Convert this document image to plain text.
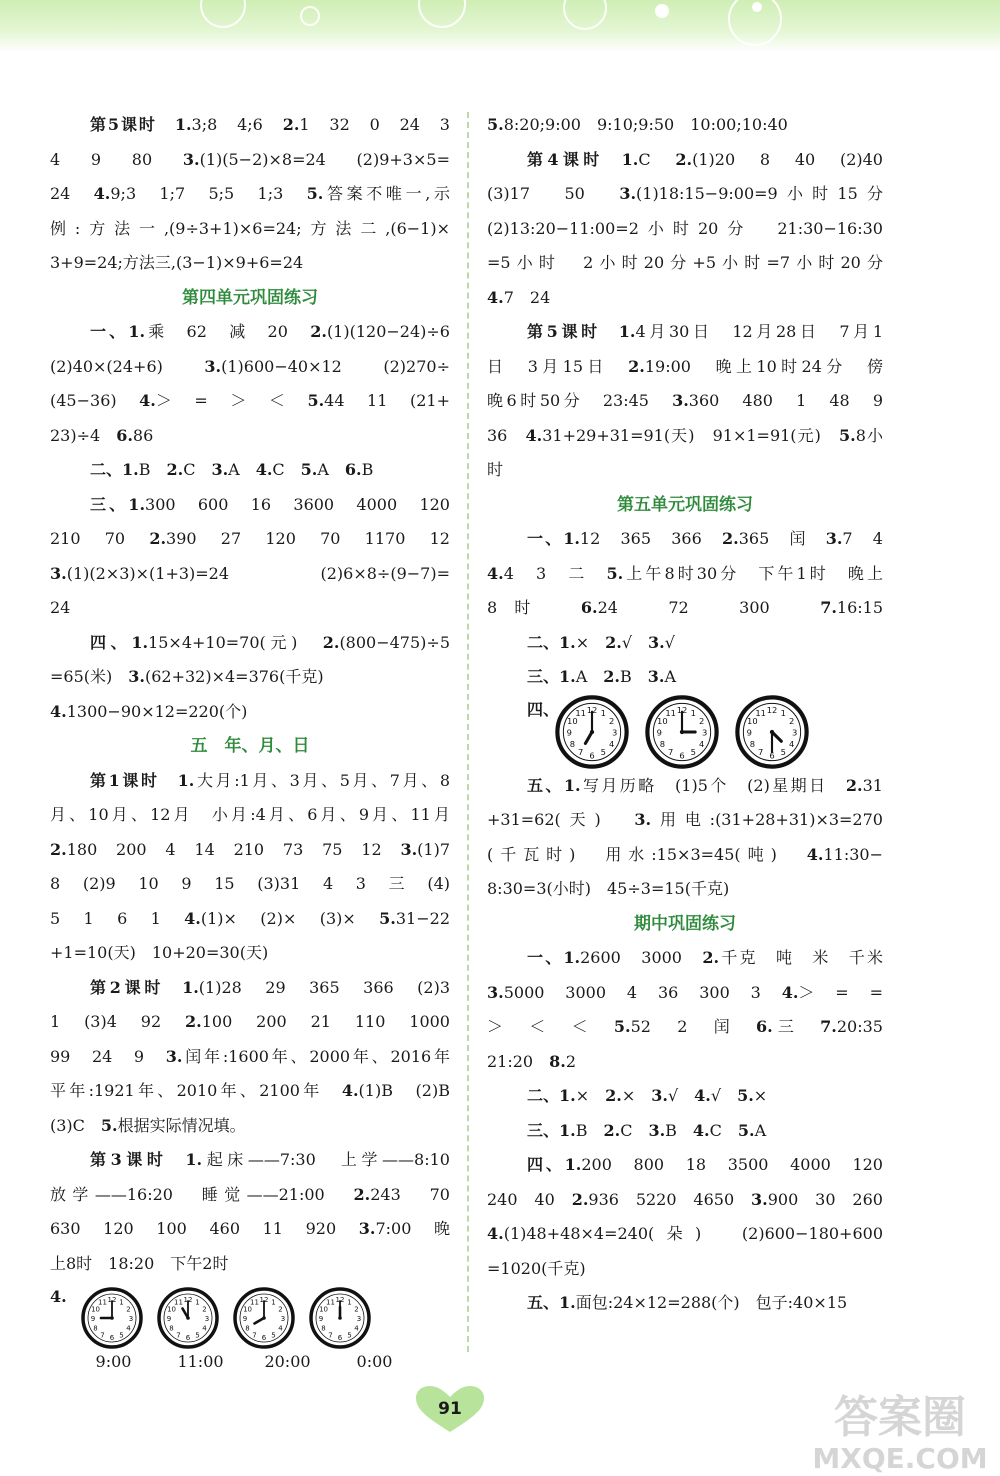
第5课时 1.3;8　4;6　2.1　32　0　24　3
4　9　80　3.(1)(5−2)×8=24　(2)9+3×5=
24　4.9;3　1;7　5;5　1;3　5.答案不唯一,示
例:方法一,(9÷3+1)×6=24;方法二,(6−1)×
3+9=24;方法三,(3−1)×9+6=24
第四单元巩固练习
一、1.乘　62　减　20　2.(1)(120−24)÷6
(2)40×(24+6)　3.(1)600−40×12　(2)270÷
(45−36)　4.＞　=　＞　＜　5.44　11　(21+
23)÷4　6.86
二、1.B　2.C　3.A　4.C　5.A　6.B
三、1.300　600　16　3600　4000　120
210　70　2.390　27　120　70　1170　12
3.(1)(2×3)×(1+3)=24　(2)6×8÷(9−7)=
24
四、1.15×4+10=70(元)　2.(800−475)÷5
=65(米)　3.(62+32)×4=376(千克)
4.1300−90×12=220(个)
五　年、月、日
第1课时 1.大月:1月、3月、5月、7月、8
月、10月、12月　小月:4月、6月、9月、11月
2.180　200　4　14　210　73　75　12　3.(1)7
8　(2)9　10　9　15　(3)31　4　3　三　(4)
5　1　6　1　4.(1)×　(2)×　(3)×　5.31−22
+1=10(天)　10+20=30(天)
第2课时 1.(1)28　29　365　366　(2)3
1　(3)4　92　2.100　200　21　110　1000
99　24　9　3.闰年:1600年、2000年、2016年
平年:1921年、2010年、2100年　4.(1)B　(2)B
(3)C　5.根据实际情况填。
第3课时 1.起床——7:30　上学——8:10
放学——16:20　睡觉——21:00　2.243　70
630　120　100　460　11　920　3.7:00　晚
上8时　18:20　下午2时
4.	1
2
3
4
5
6
7
8
9
10
11 12	1
2
3
4
5
6
7
8
9
10
11 12	1
2
3
4
5
6
7
8
9
10
11 12	1
2
3
4
5
6
7
8
9
10
11 12
9:00	11:00	20:00	0:00
5.8:20;9:00　9:10;9:50　10:00;10:40
第4课时 1.C　2.(1)20　8　40　(2)40
(3)17　50　3.(1)18:15−9:00=9小时15分
(2)13:20−11:00=2小时20分　21:30−16:30
=5小时　2小时20分+5小时=7小时20分
4.7　24
第5课时 1.4月30日　12月28日　7月1
日　3月15日　2.19:00　晚上10时24分　傍
晚6时50分　23:45　3.360　480　1　48　9
36　4.31+29+31=91(天)　91×1=91(元)　5.8小
时
第五单元巩固练习
一、1.12　365　366　2.365　闰　3.7　4
4.4　3　二　5.上午8时30分　下午1时　晚上
8时　6.24　72　300　7.16:15
二、1.×　2.√　3.√
三、1.A　2.B　3.A
四、	1
2
3
4
5
6
7
8
9
10
11 12	1
2
3
4
5
6
7
8
9
10
11 12	1
2
3
4
5
6
7
8
9
10
11 12
五、1.写月历略　(1)5个　(2)星期日　2.31
+31=62(天)　3.用电:(31+28+31)×3=270
(千瓦时)　用水:15×3=45(吨)　4.11:30−
8:30=3(小时)　45÷3=15(千克)
期中巩固练习
一、1.2600　3000　2.千克　吨　米　千米
3.5000　3000　4　36　300　3　4.＞　=　=
＞　＜　＜　5.52　2　闰　6.三　7.20:35
21:20　8.2
二、1.×　2.×　3.√　4.√　5.×
三、1.B　2.C　3.B　4.C　5.A
四、1.200　800　18　3500　4000　120
240　40　2.936　5220　4650　3.900　30　260
4.(1)48+48×4=240(朵)　(2)600−180+600
=1020(千克)
五、1.面包:24×12=288(个)　包子:40×15
91	答案圈
MXQE.COM
